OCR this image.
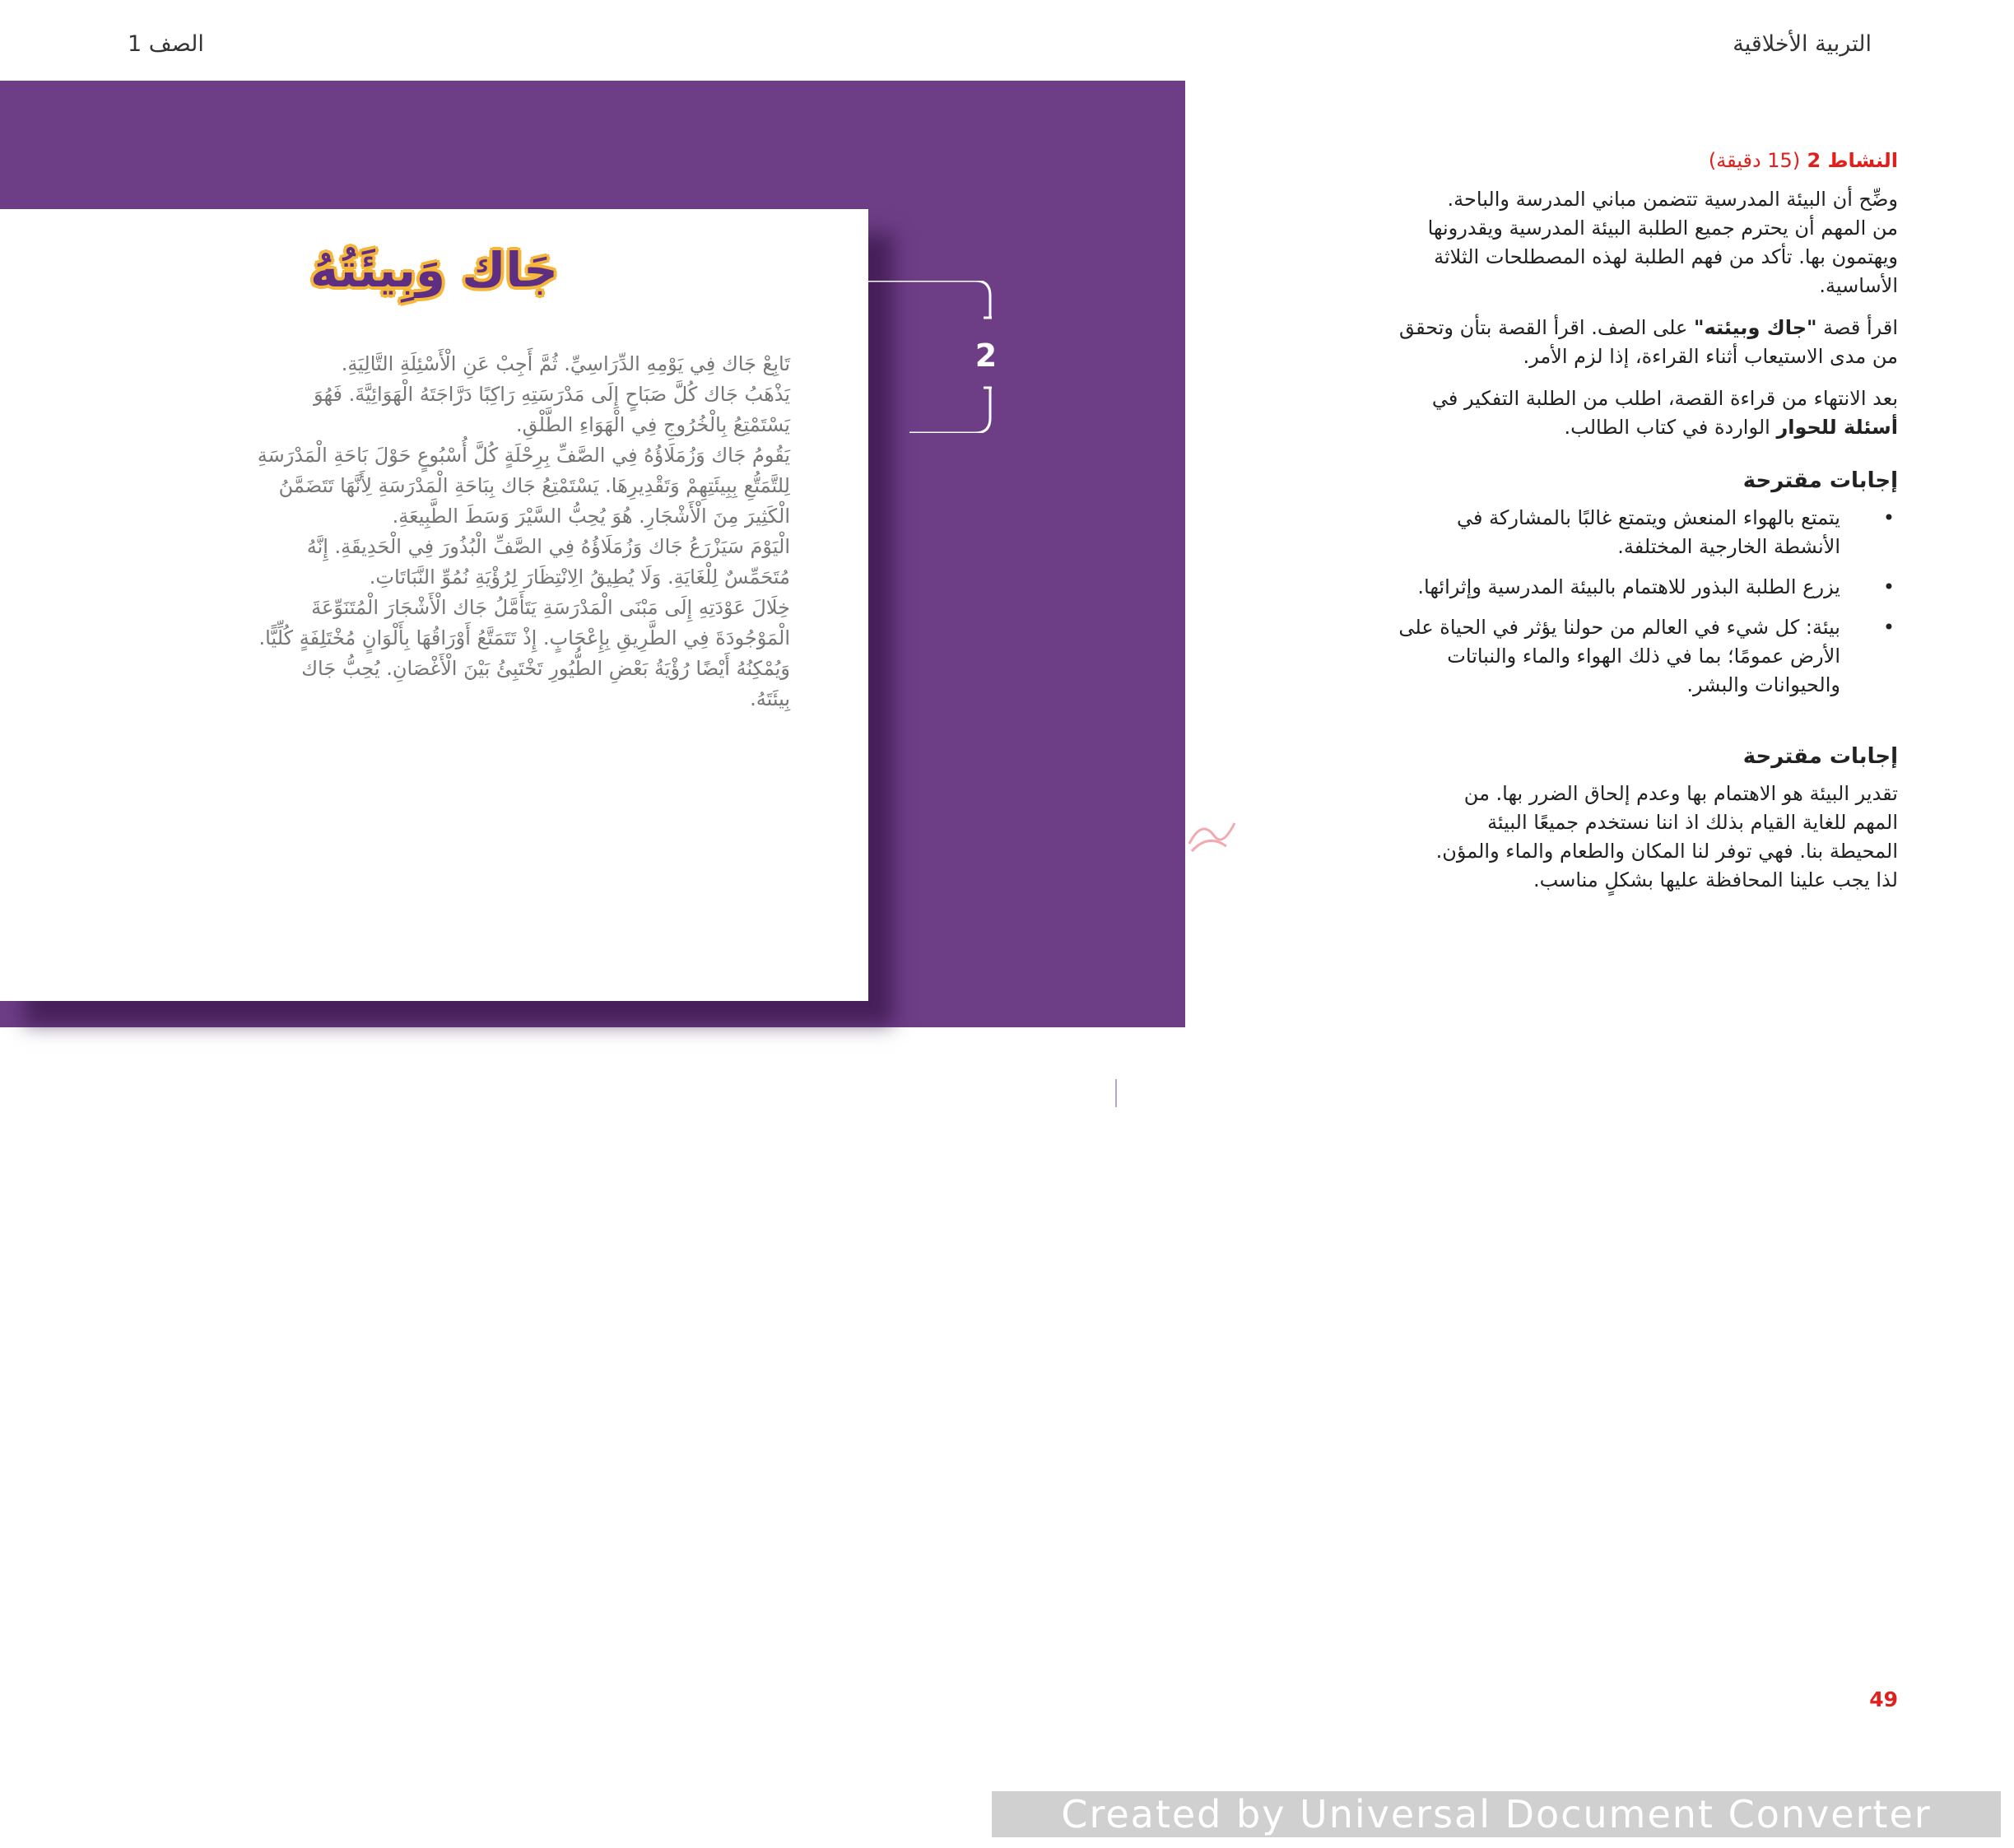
التربية الأخلاقية
الصف 1
جَاك وَبِيئَتُهُ

تَابِعْ جَاك فِي يَوْمِهِ الدِّرَاسِيِّ. ثُمَّ أَجِبْ عَنِ الْأَسْئِلَةِ التَّالِيَةِ.

يَذْهَبُ جَاك كُلَّ صَبَاحٍ إِلَى مَدْرَسَتِهِ رَاكِبًا دَرَّاجَتَهُ الْهَوَائِيَّةَ. فَهُوَ

يَسْتَمْتِعُ بِالْخُرُوجِ فِي الْهَوَاءِ الطَّلْقِ.

يَقُومُ جَاك وَزُمَلَاؤُهُ فِي الصَّفِّ بِرِحْلَةٍ كُلَّ أُسْبُوعٍ حَوْلَ بَاحَةِ الْمَدْرَسَةِ

لِلتَّمَتُّعِ بِبِيئَتِهِمْ وَتَقْدِيرِهَا. يَسْتَمْتِعُ جَاك بِبَاحَةِ الْمَدْرَسَةِ لِأَنَّهَا تَتَضَمَّنُ

الْكَثِيرَ مِنَ الْأَشْجَارِ. هُوَ يُحِبُّ السَّيْرَ وَسَطَ الطَّبِيعَةِ.

الْيَوْمَ سَيَزْرَعُ جَاك وَزُمَلَاؤُهُ فِي الصَّفِّ الْبُذُورَ فِي الْحَدِيقَةِ. إِنَّهُ

مُتَحَمِّسٌ لِلْغَايَةِ. وَلَا يُطِيقُ الِانْتِظَارَ لِرُؤْيَةِ نُمُوِّ النَّبَاتَاتِ.

خِلَالَ عَوْدَتِهِ إِلَى مَبْنَى الْمَدْرَسَةِ يَتَأَمَّلُ جَاك الْأَشْجَارَ الْمُتَنَوِّعَةَ

الْمَوْجُودَةَ فِي الطَّرِيقِ بِإِعْجَابٍ. إِذْ تَتَمَتَّعُ أَوْرَاقُهَا بِأَلْوَانٍ مُخْتَلِفَةٍ كُلِّيًّا.

وَيُمْكِنُهُ أَيْضًا رُؤْيَةُ بَعْضِ الطُّيُورِ تَخْتَبِئُ بَيْنَ الْأَغْصَانِ. يُحِبُّ جَاك

بِيئَتَهُ.

2
49

النشاط 2 (15 دقيقة)

وضِّح أن البيئة المدرسية تتضمن مباني المدرسة والباحة.
من المهم أن يحترم جميع الطلبة البيئة المدرسية ويقدرونها
ويهتمون بها. تأكد من فهم الطلبة لهذه المصطلحات الثلاثة
الأساسية.

اقرأ قصة "جاك وبيئته" على الصف. اقرأ القصة بتأن وتحقق
من مدى الاستيعاب أثناء القراءة، إذا لزم الأمر.

بعد الانتهاء من قراءة القصة، اطلب من الطلبة التفكير في
أسئلة للحوار الواردة في كتاب الطالب.

إجابات مقترحة

•
يتمتع بالهواء المنعش ويتمتع غالبًا بالمشاركة في
الأنشطة الخارجية المختلفة.
•
يزرع الطلبة البذور للاهتمام بالبيئة المدرسية وإثرائها.
•
بيئة: كل شيء في العالم من حولنا يؤثر في الحياة على
الأرض عمومًا؛ بما في ذلك الهواء والماء والنباتات
والحيوانات والبشر.

إجابات مقترحة

تقدير البيئة هو الاهتمام بها وعدم إلحاق الضرر بها. من
المهم للغاية القيام بذلك اذ اننا نستخدم جميعًا البيئة
المحيطة بنا. فهي توفر لنا المكان والطعام والماء والمؤن.
لذا يجب علينا المحافظة عليها بشكلٍ مناسب.

49
Created by Universal Document Converter
